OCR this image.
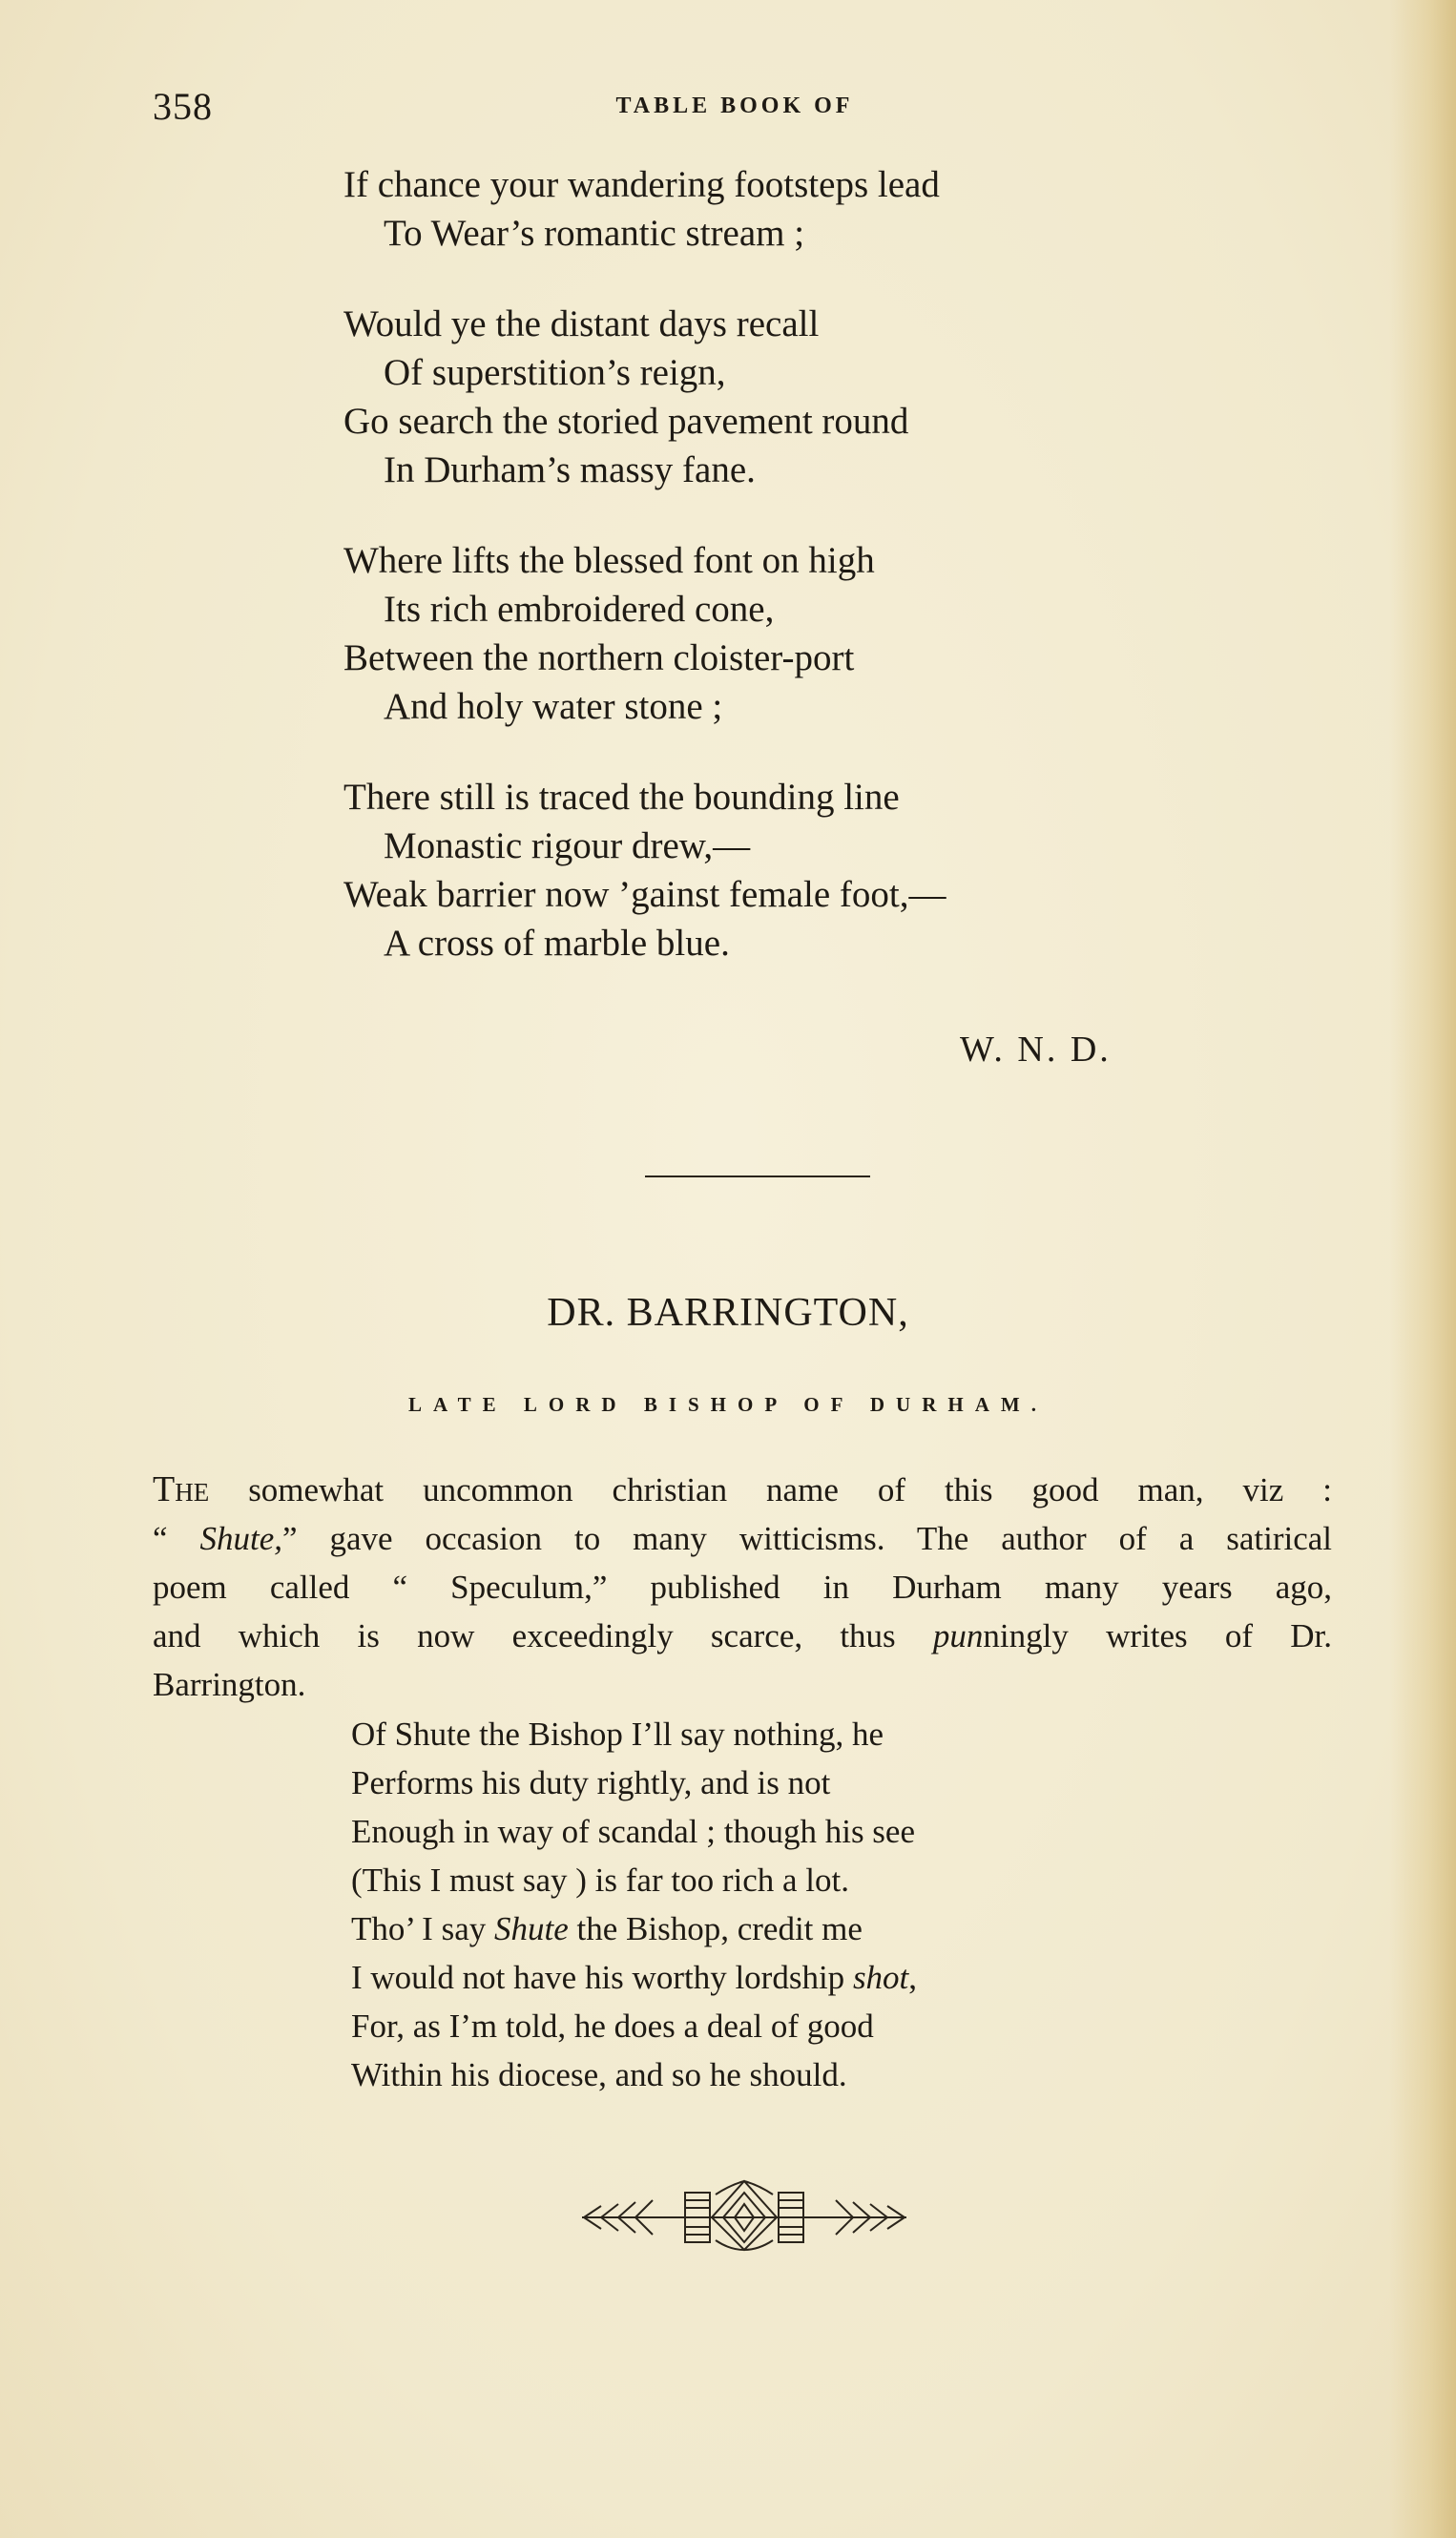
358	TABLE BOOK OF
If chance your wandering footsteps lead
To Wear’s romantic stream ;
Would ye the distant days recall
Of superstition’s reign,
Go search the storied pavement round
In Durham’s massy fane.
Where lifts the blessed font on high
Its rich embroidered cone,
Between the northern cloister-port
And holy water stone ;
There still is traced the bounding line
Monastic rigour drew,—
Weak barrier now ’gainst female foot,—
A cross of marble blue.
W. N. D.
DR. BARRINGTON,
LATE LORD BISHOP OF DURHAM.
The somewhat uncommon christian name of this good man, viz :
“ Shute,” gave occasion to many witticisms. The author of a satirical
poem called “ Speculum,” published in Durham many years ago,
and which is now exceedingly scarce, thus punningly writes of Dr.
Barrington.
Of Shute the Bishop I’ll say nothing, he
Performs his duty rightly, and is not
Enough in way of scandal ; though his see
(This I must say ) is far too rich a lot.
Tho’ I say Shute the Bishop, credit me
I would not have his worthy lordship shot,
For, as I’m told, he does a deal of good
Within his diocese, and so he should.
